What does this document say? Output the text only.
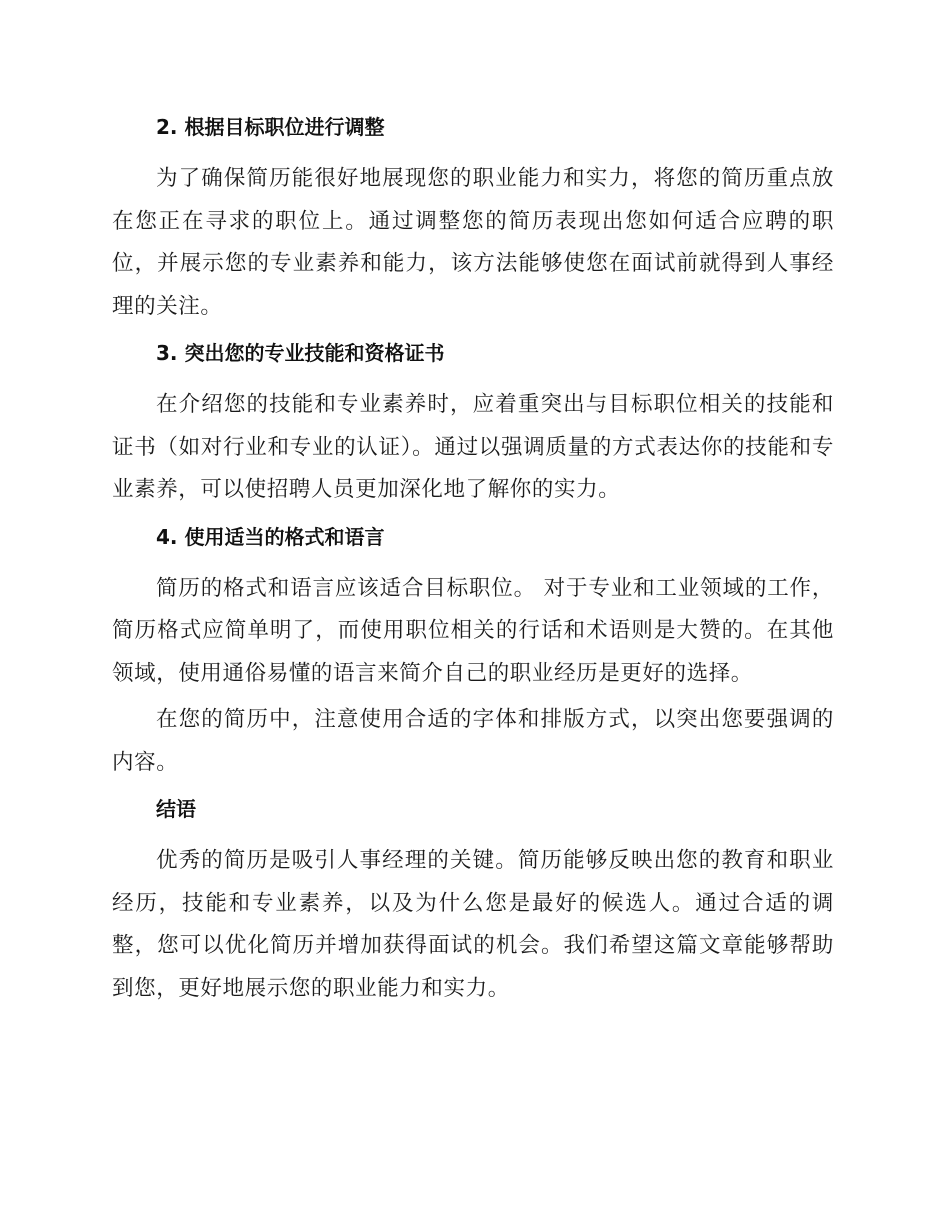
2. 根据目标职位进行调整

为了确保简历能很好地展现您的职业能力和实力，将您的简历重点放在您正在寻求的职位上。通过调整您的简历表现出您如何适合应聘的职位，并展示您的专业素养和能力，该方法能够使您在面试前就得到人事经理的关注。

3. 突出您的专业技能和资格证书

在介绍您的技能和专业素养时，应着重突出与目标职位相关的技能和证书（如对行业和专业的认证）。通过以强调质量的方式表达你的技能和专业素养，可以使招聘人员更加深化地了解你的实力。

4. 使用适当的格式和语言

简历的格式和语言应该适合目标职位。 对于专业和工业领域的工作，简历格式应简单明了，而使用职位相关的行话和术语则是大赞的。在其他领域，使用通俗易懂的语言来简介自己的职业经历是更好的选择。

在您的简历中，注意使用合适的字体和排版方式，以突出您要强调的内容。

结语

优秀的简历是吸引人事经理的关键。简历能够反映出您的教育和职业经历，技能和专业素养，以及为什么您是最好的候选人。通过合适的调整，您可以优化简历并增加获得面试的机会。我们希望这篇文章能够帮助到您，更好地展示您的职业能力和实力。
